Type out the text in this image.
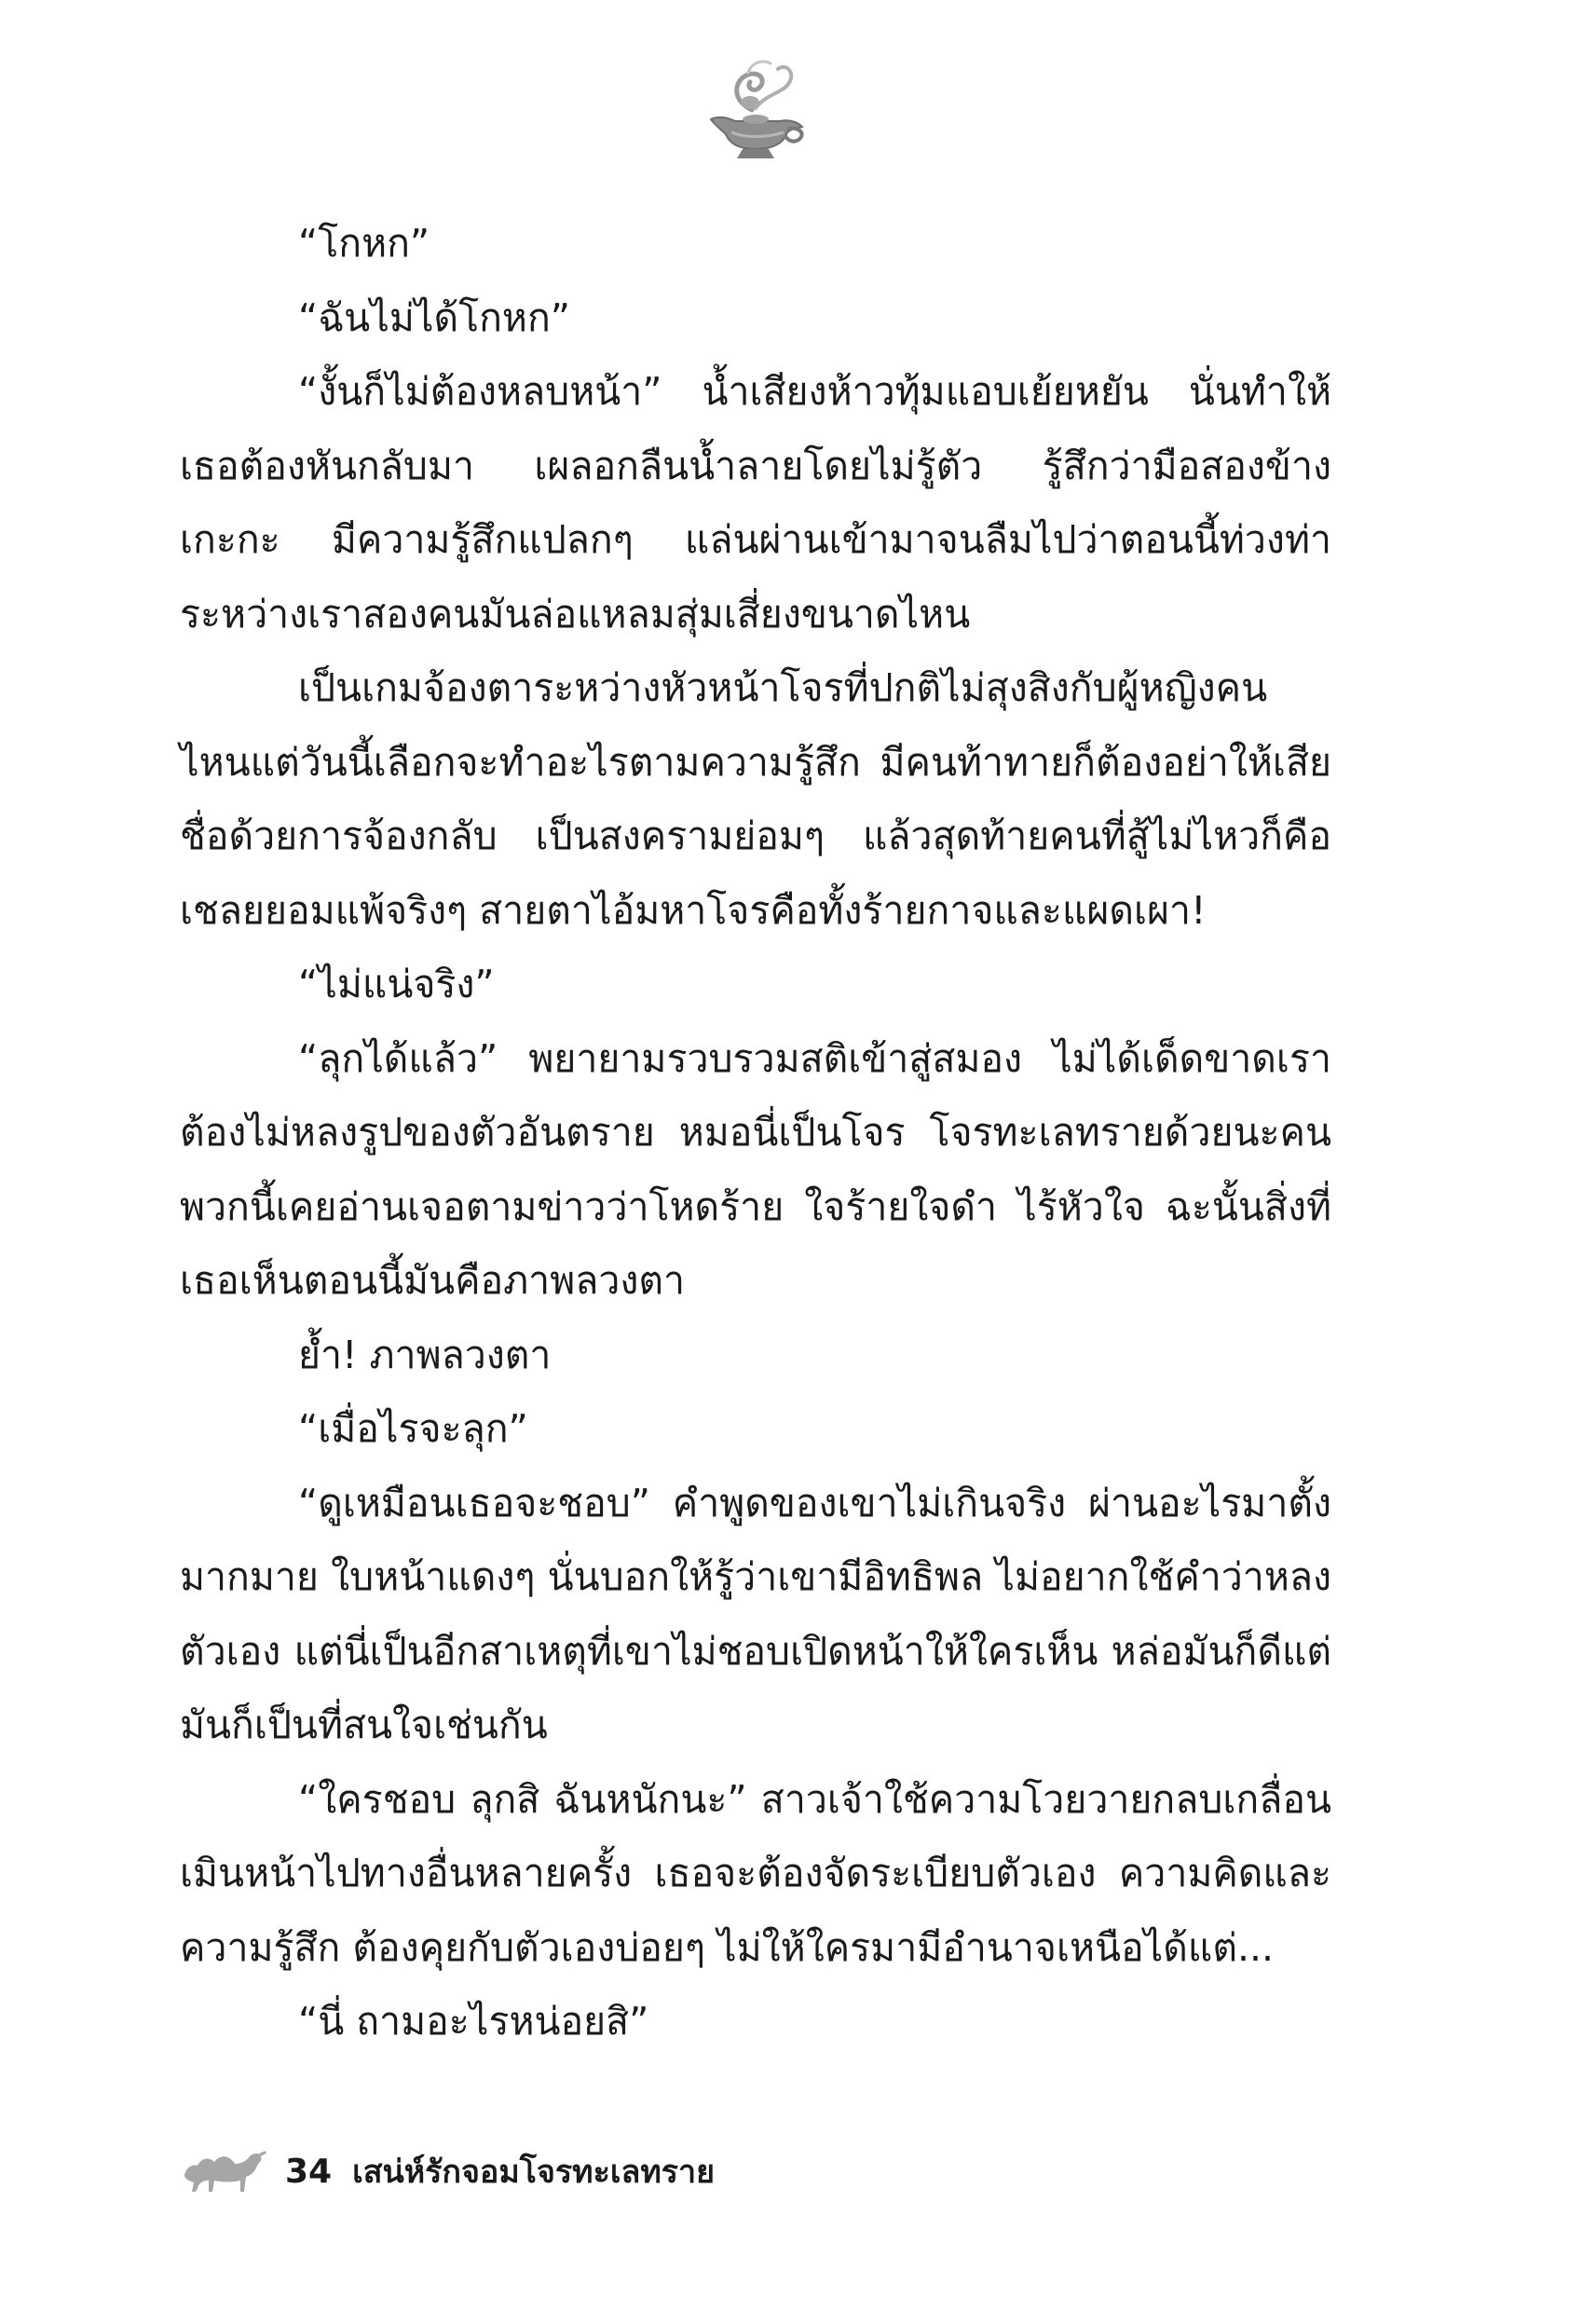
“โกหก”

“ฉันไม่ได้โกหก”

“งั้นก็ไม่ต้องหลบหน้า” น้ำเสียงห้าวทุ้มแอบเย้ยหยัน นั่นทำให้เธอต้องหันกลับมา เผลอกลืนน้ำลายโดยไม่รู้ตัว รู้สึกว่ามือสองข้างเกะกะ มีความรู้สึกแปลกๆ แล่นผ่านเข้ามาจนลืมไปว่าตอนนี้ท่วงท่าระหว่างเราสองคนมันล่อแหลมสุ่มเสี่ยงขนาดไหน

เป็นเกมจ้องตาระหว่างหัวหน้าโจรที่ปกติไม่สุงสิงกับผู้หญิงคนไหนแต่วันนี้เลือกจะทำอะไรตามความรู้สึก มีคนท้าทายก็ต้องอย่าให้เสียชื่อด้วยการจ้องกลับ เป็นสงครามย่อมๆ แล้วสุดท้ายคนที่สู้ไม่ไหวก็คือเชลยยอมแพ้จริงๆ สายตาไอ้มหาโจรคือทั้งร้ายกาจและแผดเผา!

“ไม่แน่จริง”

“ลุกได้แล้ว” พยายามรวบรวมสติเข้าสู่สมอง ไม่ได้เด็ดขาดเราต้องไม่หลงรูปของตัวอันตราย หมอนี่เป็นโจร โจรทะเลทรายด้วยนะคนพวกนี้เคยอ่านเจอตามข่าวว่าโหดร้าย ใจร้ายใจดำ ไร้หัวใจ ฉะนั้นสิ่งที่เธอเห็นตอนนี้มันคือภาพลวงตา

ย้ำ! ภาพลวงตา

“เมื่อไรจะลุก”

“ดูเหมือนเธอจะชอบ” คำพูดของเขาไม่เกินจริง ผ่านอะไรมาตั้งมากมาย ใบหน้าแดงๆ นั่นบอกให้รู้ว่าเขามีอิทธิพล ไม่อยากใช้คำว่าหลงตัวเอง แต่นี่เป็นอีกสาเหตุที่เขาไม่ชอบเปิดหน้าให้ใครเห็น หล่อมันก็ดีแต่มันก็เป็นที่สนใจเช่นกัน

“ใครชอบ ลุกสิ ฉันหนักนะ” สาวเจ้าใช้ความโวยวายกลบเกลื่อนเมินหน้าไปทางอื่นหลายครั้ง เธอจะต้องจัดระเบียบตัวเอง ความคิดและความรู้สึก ต้องคุยกับตัวเองบ่อยๆ ไม่ให้ใครมามีอำนาจเหนือได้แต่...

“นี่ ถามอะไรหน่อยสิ”

34 เสน่ห์รักจอมโจรทะเลทราย
